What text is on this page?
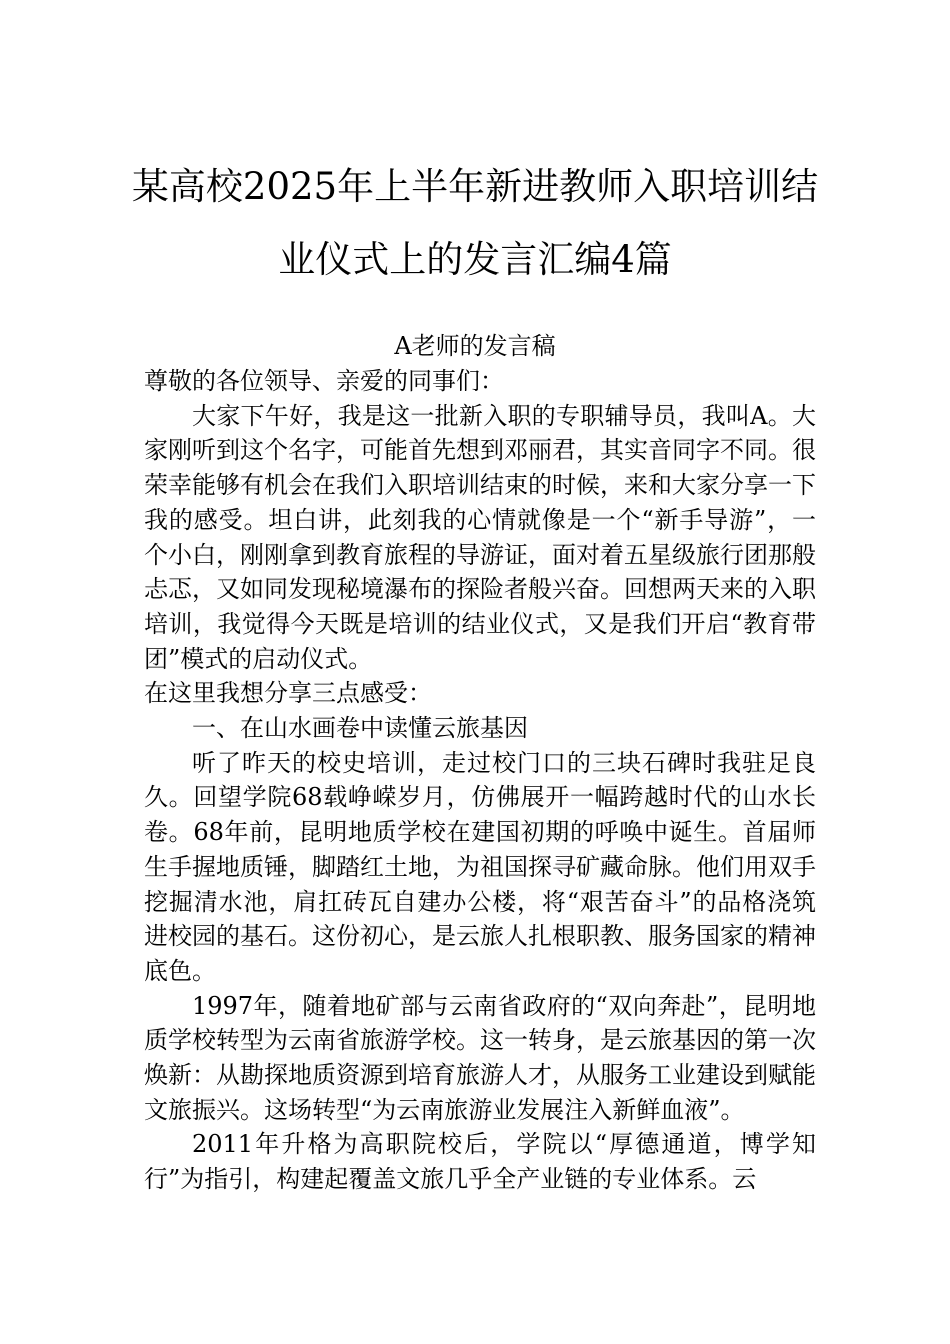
某高校2025年上半年新进教师入职培训结
业仪式上的发言汇编4篇
A老师的发言稿

尊敬的各位领导、亲爱的同事们：

大家下午好，我是这一批新入职的专职辅导员，我叫A。大家刚听到这个名字，可能首先想到邓丽君，其实音同字不同。很荣幸能够有机会在我们入职培训结束的时候，来和大家分享一下我的感受。坦白讲，此刻我的心情就像是一个“新手导游”，一个小白，刚刚拿到教育旅程的导游证，面对着五星级旅行团那般忐忑，又如同发现秘境瀑布的探险者般兴奋。回想两天来的入职培训，我觉得今天既是培训的结业仪式，又是我们开启“教育带团”模式的启动仪式。

在这里我想分享三点感受：

一、在山水画卷中读懂云旅基因

听了昨天的校史培训，走过校门口的三块石碑时我驻足良久。回望学院68载峥嵘岁月，仿佛展开一幅跨越时代的山水长卷。68年前，昆明地质学校在建国初期的呼唤中诞生。首届师生手握地质锤，脚踏红土地，为祖国探寻矿藏命脉。他们用双手挖掘清水池，肩扛砖瓦自建办公楼，将“艰苦奋斗”的品格浇筑进校园的基石。这份初心，是云旅人扎根职教、服务国家的精神底色。

1997年，随着地矿部与云南省政府的“双向奔赴”，昆明地质学校转型为云南省旅游学校。这一转身，是云旅基因的第一次焕新：从勘探地质资源到培育旅游人才，从服务工业建设到赋能文旅振兴。这场转型“为云南旅游业发展注入新鲜血液”。

2011年升格为高职院校后，学院以“厚德通道，博学知行”为指引，构建起覆盖文旅几乎全产业链的专业体系。云
